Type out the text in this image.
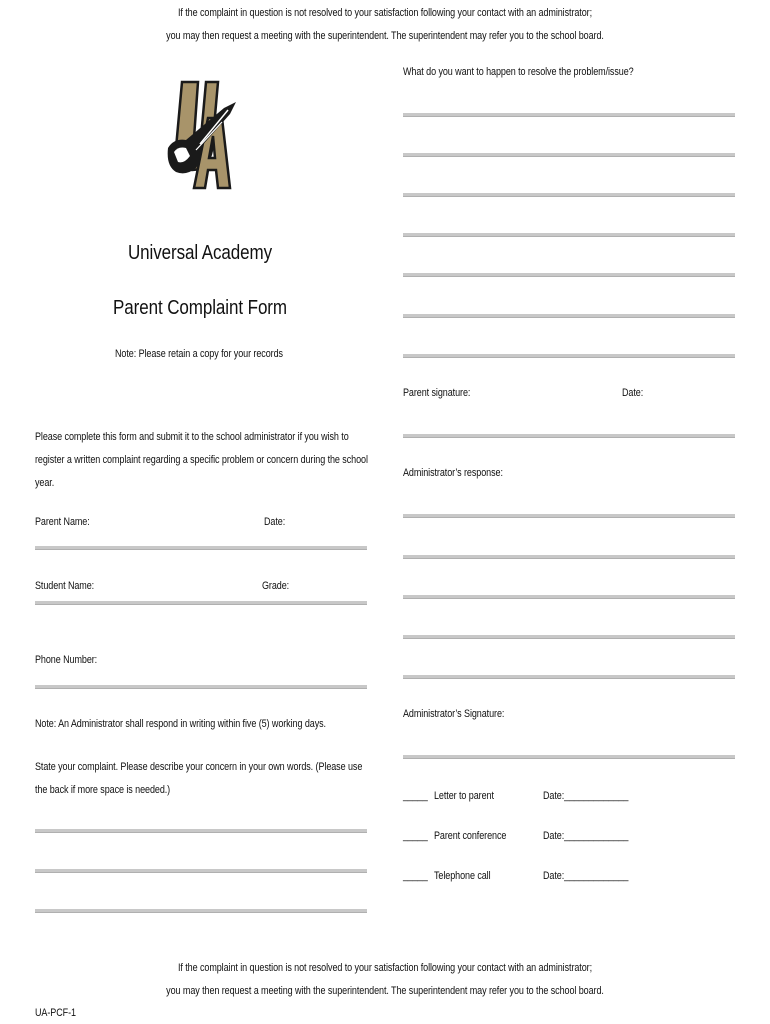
If the complaint in question is not resolved to your satisfaction following your contact with an administrator;
you may then request a meeting with the superintendent. The superintendent may refer you to the school board.
Universal Academy
Parent Complaint Form
Note: Please retain a copy for your records
Please complete this form and submit it to the school administrator if you wish to register a written complaint regarding a specific problem or concern during the school year.
Parent Name:	Date:
Student Name:	Grade:
Phone Number:
Note: An Administrator shall respond in writing within five (5) working days.
State your complaint. Please describe your concern in your own words. (Please use the back if more space is needed.)
What do you want to happen to resolve the problem/issue?
Parent signature:	Date:
Administrator’s response:
Administrator’s Signature:
_____ Letter to parent	Date:_____________
_____ Parent conference	Date:_____________
_____ Telephone call	Date:_____________
If the complaint in question is not resolved to your satisfaction following your contact with an administrator;
you may then request a meeting with the superintendent. The superintendent may refer you to the school board.
UA-PCF-1
